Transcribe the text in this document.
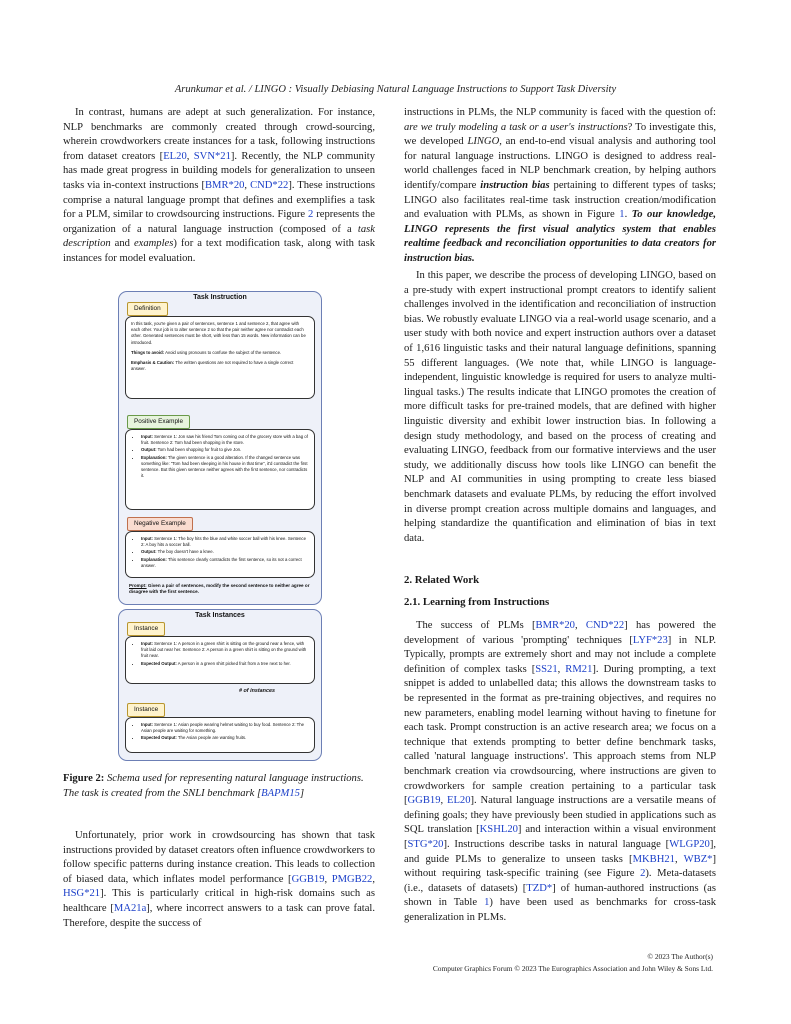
Arunkumar et al. / LINGO : Visually Debiasing Natural Language Instructions to Support Task Diversity

In contrast, humans are adept at such generalization. For instance, NLP benchmarks are commonly created through crowd-sourcing, wherein crowdworkers create instances for a task, following instructions from dataset creators [EL20, SVN*21]. Recently, the NLP community has made great progress in building models for generalization to unseen tasks via in-context instructions [BMR*20, CND*22]. These instructions comprise a natural language prompt that defines and exemplifies a task for a PLM, similar to crowdsourcing instructions. Figure 2 represents the organization of a natural language instruction (composed of a task description and examples) for a text modification task, along with task instances for model evaluation.

Task Instruction
Definition

In this task, you're given a pair of sentences, sentence 1 and sentence 2, that agree with each other. Your job is to alter sentence 2 so that the pair neither agree nor contradict each other. Generated sentences must be short, with less than 15 words. New information can be introduced.

Things to avoid: Avoid using pronouns to confuse the subject of the sentence.

Emphasis & Caution: The written questions are not required to have a single correct answer.

Positive Example
• Input: Sentence 1: Jon saw his friend Tom coming out of the grocery store with a bag of fruit. Sentence 2: Tom had been shopping in the store.
• Output: Tom had been shopping for fruit to give Jon.
• Explanation: The given sentence is a good alteration. If the changed sentence was something like: "Tom had been sleeping in his house in that time", it'd contradict the first sentence. But this given sentence neither agrees with the first sentence, nor contradicts it.
Negative Example
• Input: Sentence 1: The boy hits the blue and white soccer ball with his knee. Sentence 2: A boy hits a soccer ball.
• Output: The boy doesn't have a knee.
• Explanation: This sentence clearly contradicts the first sentence, so its not a correct answer.
Prompt: Given a pair of sentences, modify the second sentence to neither agree or disagree with the first sentence.
Task Instances
Instance
• Input: Sentence 1: A person in a green shirt is sitting on the ground near a fence, with fruit laid out near her. Sentence 2: A person in a green shirt is sitting on the ground with fruit near.
• Expected Output: A person in a green shirt picked fruit from a tree next to her.
# of instances
Instance
• Input: Sentence 1: Asian people wearing helmet waiting to buy food. Sentence 2: The Asian people are waiting for something.
• Expected Output: The Asian people are wanting fruits.
Figure 2: Schema used for representing natural language instructions. The task is created from the SNLI benchmark [BAPM15]

Unfortunately, prior work in crowdsourcing has shown that task instructions provided by dataset creators often influence crowdworkers to follow specific patterns during instance creation. This leads to collection of biased data, which inflates model performance [GGB19, PMGB22, HSG*21]. This is particularly critical in high-risk domains such as healthcare [MA21a], where incorrect answers to a task can prove fatal. Therefore, despite the success of

instructions in PLMs, the NLP community is faced with the question of: are we truly modeling a task or a user's instructions? To investigate this, we developed LINGO, an end-to-end visual analysis and authoring tool for natural language instructions. LINGO is designed to address real-world challenges faced in NLP benchmark creation, by helping authors identify/compare instruction bias pertaining to different types of tasks; LINGO also facilitates real-time task instruction creation/modification and evaluation with PLMs, as shown in Figure 1. To our knowledge, LINGO represents the first visual analytics system that enables realtime feedback and reconciliation opportunities to data creators for instruction bias.

In this paper, we describe the process of developing LINGO, based on a pre-study with expert instructional prompt creators to identify salient challenges involved in the identification and reconciliation of instruction bias. We robustly evaluate LINGO via a real-world usage scenario, and a user study with both novice and expert instruction authors over a dataset of 1,616 linguistic tasks and their natural language definitions, spanning 55 different languages. (We note that, while LINGO is language-independent, linguistic knowledge is required for users to analyze multi-lingual tasks.) The results indicate that LINGO promotes the creation of more difficult tasks for pre-trained models, that are defined with higher linguistic diversity and exhibit lower instruction bias. In following a design study methodology, and based on the process of creating and evaluating LINGO, feedback from our formative interviews and the user study, we additionally discuss how tools like LINGO can benefit the NLP and AI communities in using prompting to create less biased benchmark datasets and evaluate PLMs, by reducing the effort involved in diverse prompt creation across multiple domains and languages, and helping standardize the quantification and elimination of bias in text data.

2. Related Work
2.1. Learning from Instructions

The success of PLMs [BMR*20, CND*22] has powered the development of various 'prompting' techniques [LYF*23] in NLP. Typically, prompts are extremely short and may not include a complete definition of complex tasks [SS21, RM21]. During prompting, a text snippet is added to unlabelled data; this allows the downstream tasks to be represented in the format as pre-training objectives, and requires no new parameters, enabling model learning without having to finetune for each task. Prompt construction is an active research area; we focus on a technique that extends prompting to better define benchmark tasks, called 'natural language instructions'. This approach stems from NLP benchmark creation via crowdsourcing, where instructions are given to crowdworkers for sample creation pertaining to a particular task [GGB19, EL20]. Natural language instructions are a versatile means of defining goals; they have previously been studied in applications such as SQL translation [KSHL20] and interaction within a visual environment [STG*20]. Instructions describe tasks in natural language [WLGP20], and guide PLMs to generalize to unseen tasks [MKBH21, WBZ*] without requiring task-specific training (see Figure 2). Meta-datasets (i.e., datasets of datasets) [TZD*] of human-authored instructions (as shown in Table 1) have been used as benchmarks for cross-task generalization in PLMs.

© 2023 The Author(s)
Computer Graphics Forum © 2023 The Eurographics Association and John Wiley & Sons Ltd.
